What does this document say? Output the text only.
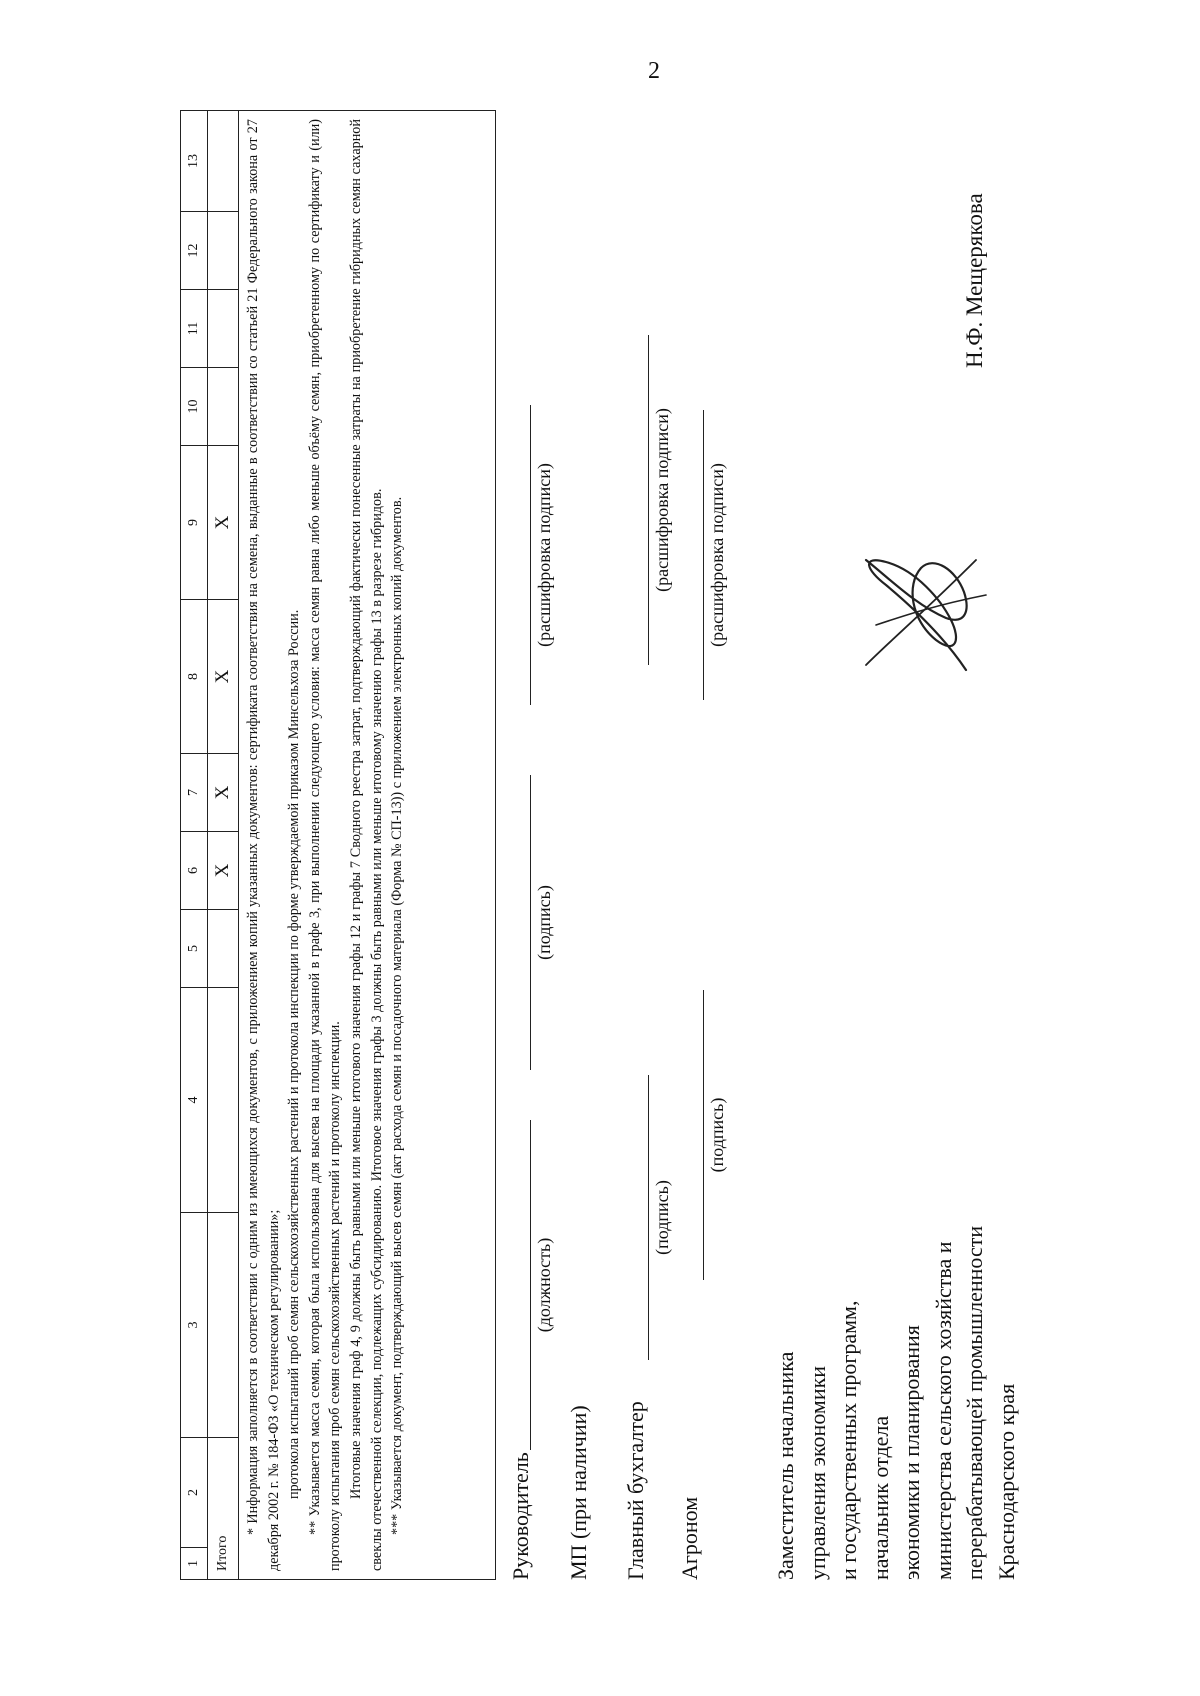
2
1	2	3	4	5	6	7	8	9	10	11	12	13	
Итого					X	X	X	X					

* Информация заполняется в соответствии с одним из имеющихся документов, с приложением копий указанных документов: сертификата соответствия на семена, выданные в соответствии со статьей 21 Федерального закона от 27 декабря 2002 г. № 184-ФЗ «О техническом регулировании»; протокола испытаний проб семян сельскохозяйственных растений и протокола инспекции по форме утверждаемой приказом Минсельхоза России. ** Указывается масса семян, которая была использована для высева на площади указанной в графе 3, при выполнении следующего условия: масса семян равна либо меньше объёму семян, приобретенному по сертификату и (или) протоколу испытания проб семян сельскохозяйственных растений и протоколу инспекции. Итоговые значения граф 4, 9 должны быть равными или меньше итогового значения графы 12 и графы 7 Сводного реестра затрат, подтверждающий фактически понесенные затраты на приобретение гибридных семян сахарной свеклы отечественной селекции, подлежащих субсидированию. Итоговое значения графы 3 должны быть равными или меньше итоговому значению графы 13 в разрезе гибридов. *** Указывается документ, подтверждающий высев семян (акт расхода семян и посадочного материала (Форма № СП-13)) с приложением электронных копий документов.														Руководитель
(должность)
(подпись)
(расшифровка подписи)
МП (при наличии) Главный бухгалтер
(подпись)
(расшифровка подписи)
Агроном
(подпись)
(расшифровка подписи)

Заместитель начальника управления экономики и государственных программ, начальник отдела экономики и планирования министерства сельского хозяйства и перерабатывающей промышленности Краснодарского края

Н.Ф. Мещерякова
